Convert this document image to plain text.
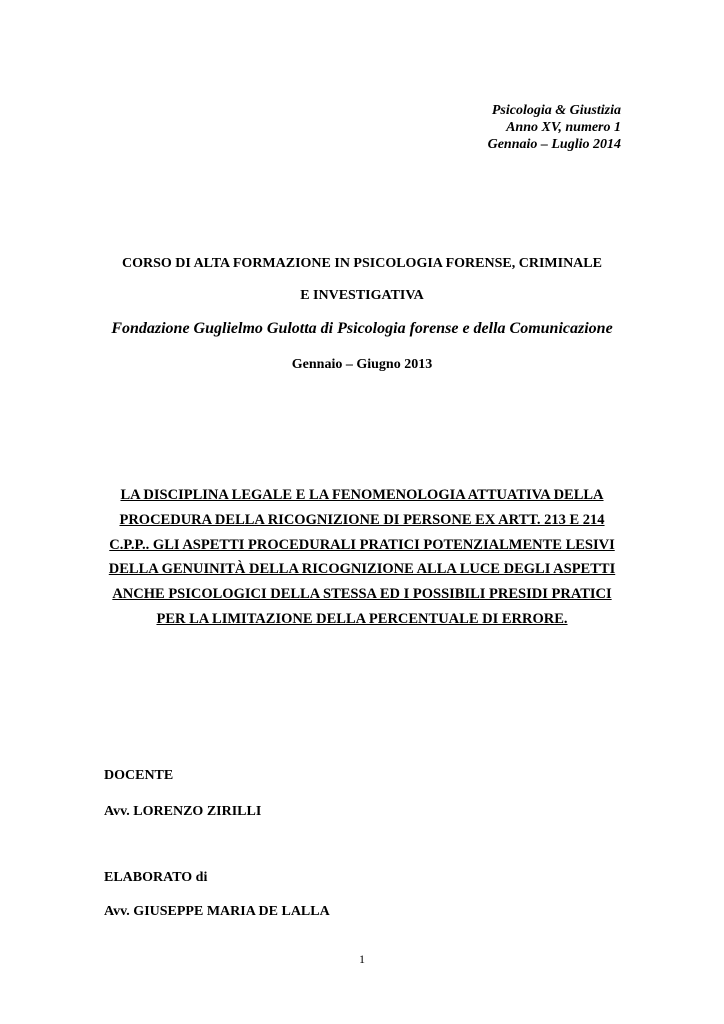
Psicologia & Giustizia
Anno XV, numero 1
Gennaio – Luglio 2014
CORSO DI ALTA FORMAZIONE IN PSICOLOGIA FORENSE, CRIMINALE
E INVESTIGATIVA
Fondazione Guglielmo Gulotta di Psicologia forense e della Comunicazione
Gennaio – Giugno 2013
LA DISCIPLINA LEGALE E LA FENOMENOLOGIA ATTUATIVA DELLA
PROCEDURA DELLA RICOGNIZIONE DI PERSONE EX ARTT. 213 E 214
C.P.P.. GLI ASPETTI PROCEDURALI PRATICI POTENZIALMENTE LESIVI
DELLA GENUINITÀ DELLA RICOGNIZIONE ALLA LUCE DEGLI ASPETTI
ANCHE PSICOLOGICI DELLA STESSA ED I POSSIBILI PRESIDI PRATICI
PER LA LIMITAZIONE DELLA PERCENTUALE DI ERRORE.
DOCENTE
Avv. LORENZO ZIRILLI
ELABORATO di
Avv. GIUSEPPE MARIA DE LALLA
1
